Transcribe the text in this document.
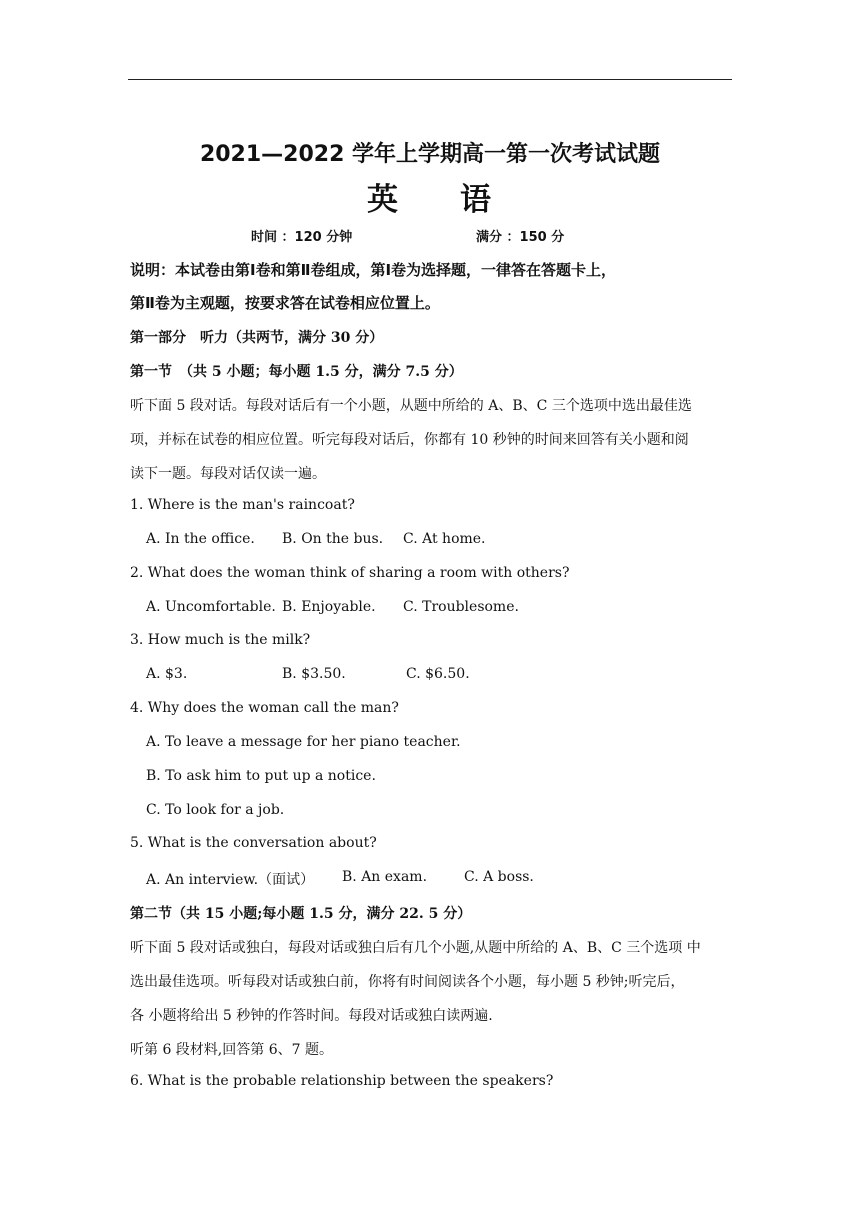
2021—2022 学年上学期高一第一次考试试题
英 语
时间 ：120 分钟	满分 ：150 分
说明：本试卷由第Ⅰ卷和第Ⅱ卷组成，第Ⅰ卷为选择题，一律答在答题卡上，
第Ⅱ卷为主观题，按要求答在试卷相应位置上。
第一部分　听力（共两节，满分 30 分）
第一节　（共 5 小题；每小题 1.5 分，满分 7.5 分）
听下面 5 段对话。每段对话后有一个小题，从题中所给的 A、B、C 三个选项中选出最佳选
项，并标在试卷的相应位置。听完每段对话后，你都有 10 秒钟的时间来回答有关小题和阅
读下一题。每段对话仅读一遍。
1. Where is the man's raincoat?
A. In the office. B. On the bus. C. At home.
2. What does the woman think of sharing a room with others?
A. Uncomfortable. B. Enjoyable. C. Troublesome.
3. How much is the milk?
A. $3.	B. $3.50.	C. $6.50.
4. Why does the woman call the man?
A. To leave a message for her piano teacher.
B. To ask him to put up a notice.
C. To look for a job.
5. What is the conversation about?
A. An interview.（面试） B. An exam.	C. A boss.
第二节（共 15 小题;每小题 1.5 分，满分 22. 5 分）
听下面 5 段对话或独白，每段对话或独白后有几个小题,从题中所给的 A、B、C 三个选项 中
选出最佳选项。听每段对话或独白前，你将有时间阅读各个小题，每小题 5 秒钟;听完后，
各 小题将给出 5 秒钟的作答时间。每段对话或独白读两遍.
听第 6 段材料,回答第 6、7 题。
6. What is the probable relationship between the speakers?
